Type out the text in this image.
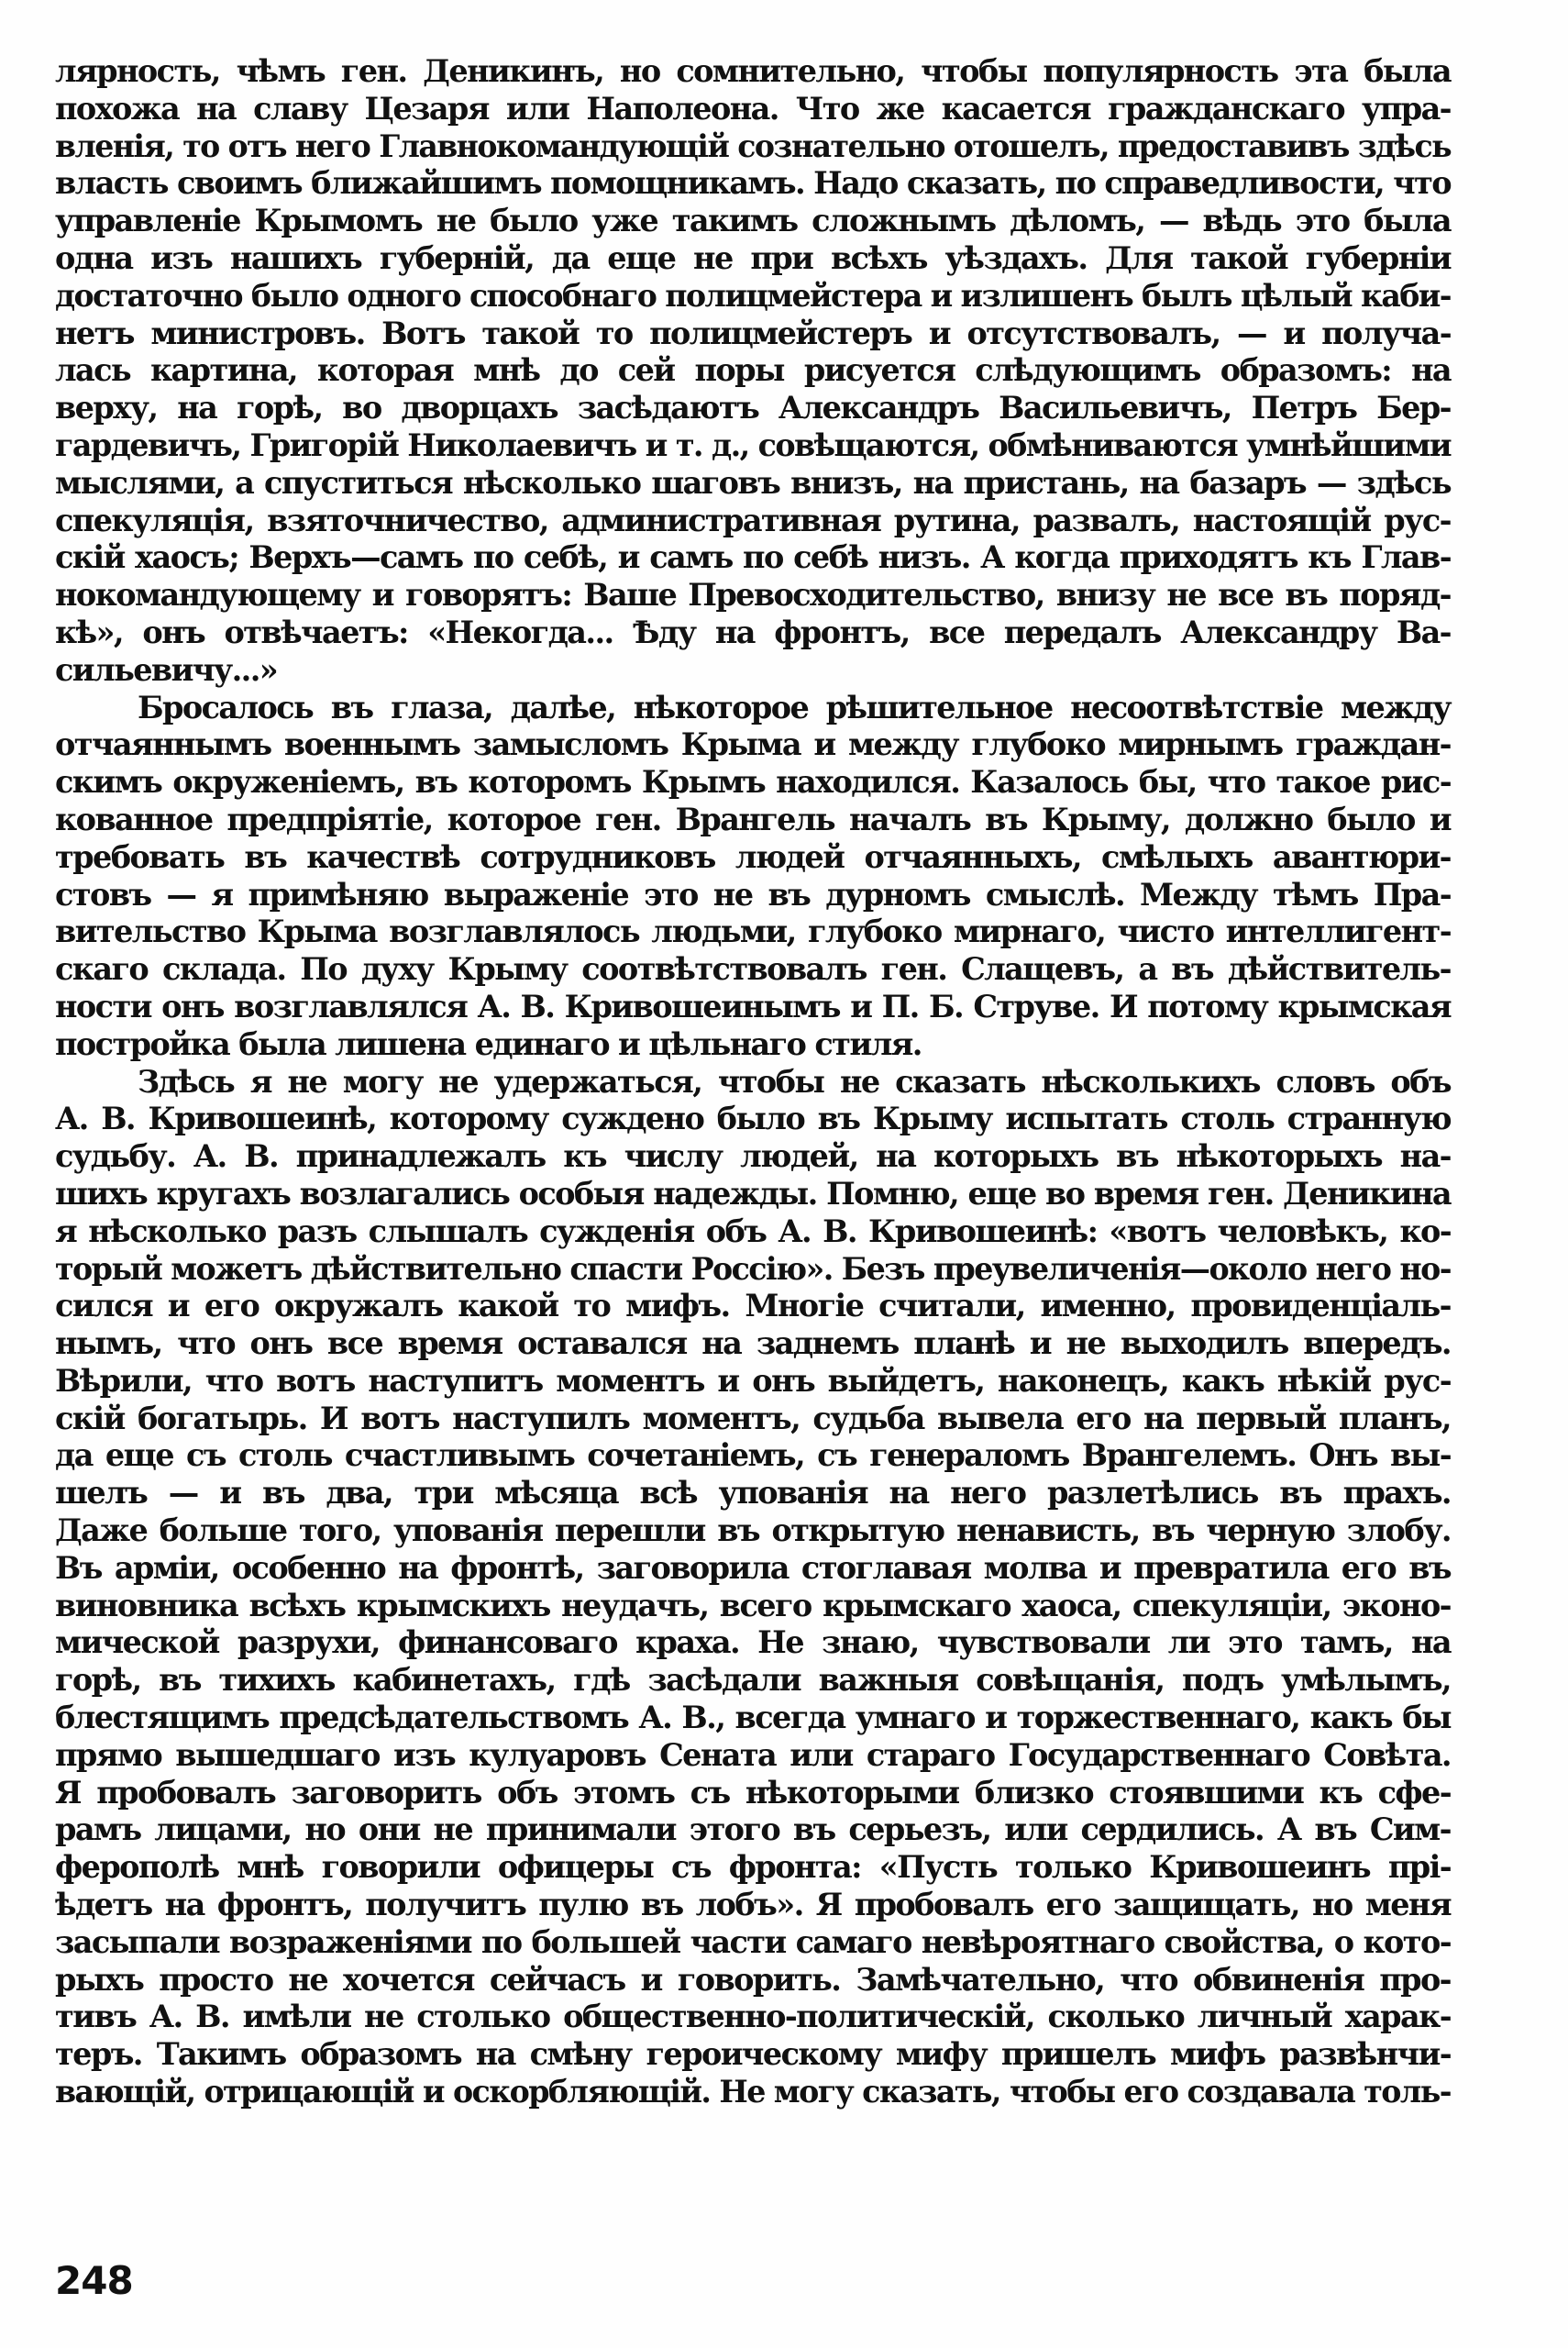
лярность, чѣмъ ген. Деникинъ, но сомнительно, чтобы популярность эта была
похожа на славу Цезаря или Наполеона. Что же касается гражданскаго упра-
вленія, то отъ него Главнокомандующій сознательно отошелъ, предоставивъ здѣсь
власть своимъ ближайшимъ помощникамъ. Надо сказать, по справедливости, что
управленіе Крымомъ не было уже такимъ сложнымъ дѣломъ, — вѣдь это была
одна изъ нашихъ губерній, да еще не при всѣхъ уѣздахъ. Для такой губерніи
достаточно было одного способнаго полицмейстера и излишенъ былъ цѣлый каби-
нетъ министровъ. Вотъ такой то полицмейстеръ и отсутствовалъ, — и получа-
лась картина, которая мнѣ до сей поры рисуется слѣдующимъ образомъ: на
верху, на горѣ, во дворцахъ засѣдаютъ Александръ Васильевичъ, Петръ Бер-
гардевичъ, Григорій Николаевичъ и т. д., совѣщаются, обмѣниваются умнѣйшими
мыслями, а спуститься нѣсколько шаговъ внизъ, на пристань, на базаръ — здѣсь
спекуляція, взяточничество, административная рутина, развалъ, настоящій рус-
скій хаосъ; Верхъ—самъ по себѣ, и самъ по себѣ низъ. А когда приходятъ къ Глав-
нокомандующему и говорятъ: Ваше Превосходительство, внизу не все въ поряд-
кѣ», онъ отвѣчаетъ: «Некогда... Ѣду на фронтъ, все передалъ Александру Ва-
сильевичу...»
Бросалось въ глаза, далѣе, нѣкоторое рѣшительное несоотвѣтствіе между
отчаяннымъ военнымъ замысломъ Крыма и между глубоко мирнымъ граждан-
скимъ окруженіемъ, въ которомъ Крымъ находился. Казалось бы, что такое рис-
кованное предпріятіе, которое ген. Врангель началъ въ Крыму, должно было и
требовать въ качествѣ сотрудниковъ людей отчаянныхъ, смѣлыхъ авантюри-
стовъ — я примѣняю выраженіе это не въ дурномъ смыслѣ. Между тѣмъ Пра-
вительство Крыма возглавлялось людьми, глубоко мирнаго, чисто интеллигент-
скаго склада. По духу Крыму соотвѣтствовалъ ген. Слащевъ, а въ дѣйствитель-
ности онъ возглавлялся А. В. Кривошеинымъ и П. Б. Струве. И потому крымская
постройка была лишена единаго и цѣльнаго стиля.
Здѣсь я не могу не удержаться, чтобы не сказать нѣсколькихъ словъ объ
А. В. Кривошеинѣ, которому суждено было въ Крыму испытать столь странную
судьбу. А. В. принадлежалъ къ числу людей, на которыхъ въ нѣкоторыхъ на-
шихъ кругахъ возлагались особыя надежды. Помню, еще во время ген. Деникина
я нѣсколько разъ слышалъ сужденія объ А. В. Кривошеинѣ: «вотъ человѣкъ, ко-
торый можетъ дѣйствительно спасти Россію». Безъ преувеличенія—около него но-
сился и его окружалъ какой то мифъ. Многіе считали, именно, провиденціаль-
нымъ, что онъ все время оставался на заднемъ планѣ и не выходилъ впередъ.
Вѣрили, что вотъ наступитъ моментъ и онъ выйдетъ, наконецъ, какъ нѣкій рус-
скій богатырь. И вотъ наступилъ моментъ, судьба вывела его на первый планъ,
да еще съ столь счастливымъ сочетаніемъ, съ генераломъ Врангелемъ. Онъ вы-
шелъ — и въ два, три мѣсяца всѣ упованія на него разлетѣлись въ прахъ.
Даже больше того, упованія перешли въ открытую ненависть, въ черную злобу.
Въ арміи, особенно на фронтѣ, заговорила стоглавая молва и превратила его въ
виновника всѣхъ крымскихъ неудачъ, всего крымскаго хаоса, спекуляціи, эконо-
мической разрухи, финансоваго краха. Не знаю, чувствовали ли это тамъ, на
горѣ, въ тихихъ кабинетахъ, гдѣ засѣдали важныя совѣщанія, подъ умѣлымъ,
блестящимъ предсѣдательствомъ А. В., всегда умнаго и торжественнаго, какъ бы
прямо вышедшаго изъ кулуаровъ Сената или стараго Государственнаго Совѣта.
Я пробовалъ заговорить объ этомъ съ нѣкоторыми близко стоявшими къ сфе-
рамъ лицами, но они не принимали этого въ серьезъ, или сердились. А въ Сим-
ферополѣ мнѣ говорили офицеры съ фронта: «Пусть только Кривошеинъ прі-
ѣдетъ на фронтъ, получитъ пулю въ лобъ». Я пробовалъ его защищать, но меня
засыпали возраженіями по большей части самаго невѣроятнаго свойства, о кото-
рыхъ просто не хочется сейчасъ и говорить. Замѣчательно, что обвиненія про-
тивъ А. В. имѣли не столько общественно-политическій, сколько личный харак-
теръ. Такимъ образомъ на смѣну героическому мифу пришелъ мифъ развѣнчи-
вающій, отрицающій и оскорбляющій. Не могу сказать, чтобы его создавала толь-
248
